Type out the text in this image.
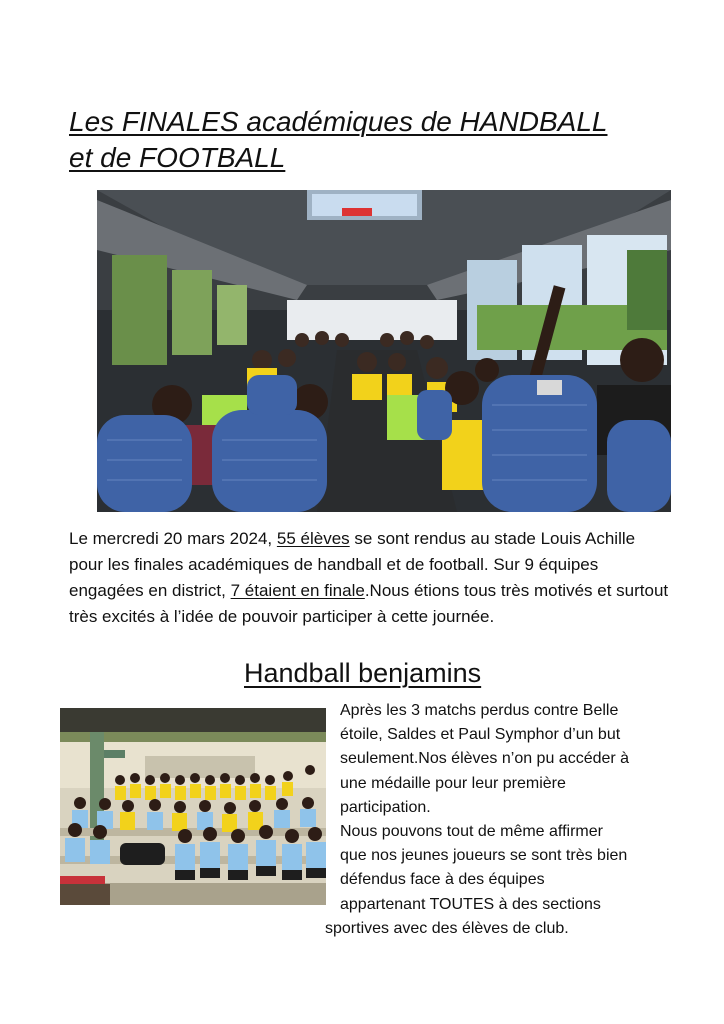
Les FINALES académiques de HANDBALL
et de FOOTBALL

Le mercredi 20 mars 2024, 55 élèves se sont rendus au stade Louis Achille pour les finales académiques de handball et de football. Sur 9 équipes engagées en district, 7 étaient en finale.Nous étions tous très motivés et surtout très excités à l’idée de pouvoir participer à cette journée.

Handball benjamins
Après les 3 matchs perdus contre Belle
étoile, Saldes et Paul Symphor d’un but
seulement.Nos élèves n’on pu accéder à
une médaille pour leur première
participation.
Nous pouvons tout de même affirmer
que nos jeunes joueurs se sont très bien
défendus face à des équipes
appartenant TOUTES à des sections
sportives avec des élèves de club.
